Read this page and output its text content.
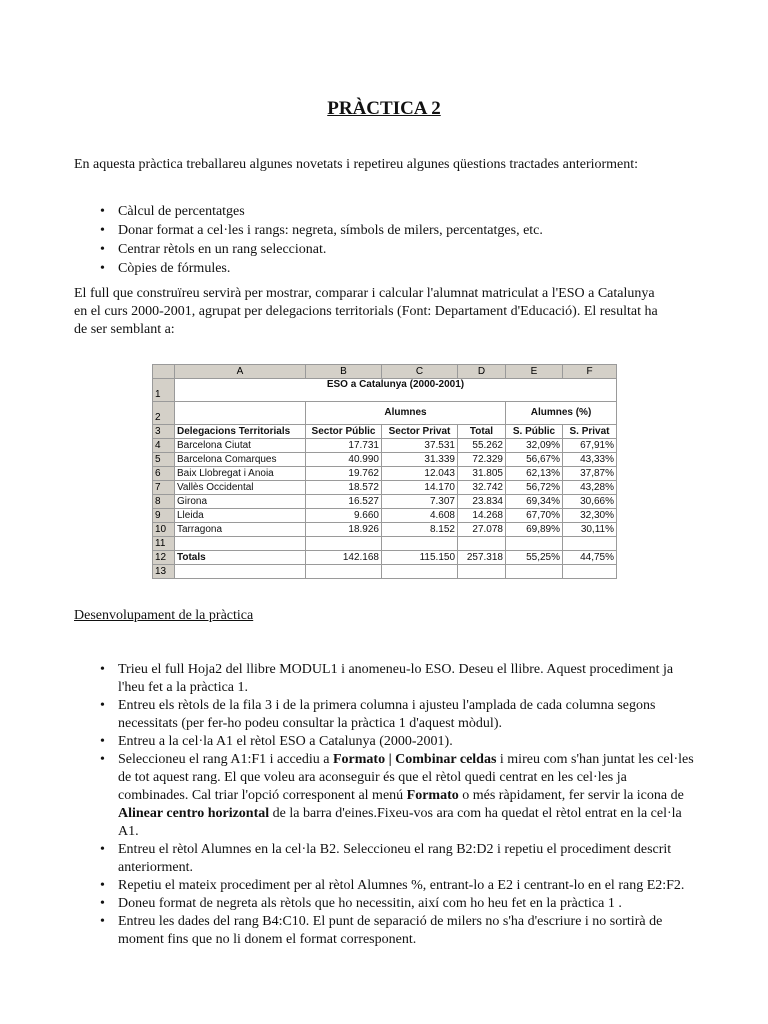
PRÀCTICA 2

En aquesta pràctica treballareu algunes novetats i repetireu algunes qüestions tractades anteriorment:

• Càlcul de percentatges
• Donar format a cel·les i rangs: negreta, símbols de milers, percentatges, etc.
• Centrar rètols en un rang seleccionat.
• Còpies de fórmules.

El full que construïreu servirà per mostrar, comparar i calcular l'alumnat matriculat a l'ESO a Catalunya en el curs 2000-2001, agrupat per delegacions territorials (Font: Departament d'Educació). El resultat ha de ser semblant a:

	A	B	C	D	E	F
1	ESO a Catalunya (2000-2001)					
2		Alumnes			Alumnes (%)	
3	Delegacions Territorials	Sector Públic	Sector Privat	Total	S. Públic	S. Privat
4	Barcelona Ciutat	17.731	37.531	55.262	32,09%	67,91%
5	Barcelona Comarques	40.990	31.339	72.329	56,67%	43,33%
6	Baix Llobregat i Anoia	19.762	12.043	31.805	62,13%	37,87%
7	Vallès Occidental	18.572	14.170	32.742	56,72%	43,28%
8	Girona	16.527	7.307	23.834	69,34%	30,66%
9	Lleida	9.660	4.608	14.268	67,70%	32,30%
10	Tarragona	18.926	8.152	27.078	69,89%	30,11%
11						
12	Totals	142.168	115.150	257.318	55,25%	44,75%
13						

Desenvolupament de la pràctica

• Trieu el full Hoja2 del llibre MODUL1 i anomeneu-lo ESO. Deseu el llibre. Aquest procediment ja l'heu fet a la pràctica 1.
• Entreu els rètols de la fila 3 i de la primera columna i ajusteu l'amplada de cada columna segons necessitats (per fer-ho podeu consultar la pràctica 1 d'aquest mòdul).
• Entreu a la cel·la A1 el rètol ESO a Catalunya (2000-2001).
• Seleccioneu el rang A1:F1 i accediu a Formato | Combinar celdas i mireu com s'han juntat les cel·les de tot aquest rang. El que voleu ara aconseguir és que el rètol quedi centrat en les cel·les ja combinades. Cal triar l'opció corresponent al menú Formato o més ràpidament, fer servir la icona de Alinear centro horizontal de la barra d'eines.Fixeu-vos ara com ha quedat el rètol entrat en la cel·la A1.
• Entreu el rètol Alumnes en la cel·la B2. Seleccioneu el rang B2:D2 i repetiu el procediment descrit anteriorment.
• Repetiu el mateix procediment per al rètol Alumnes %, entrant-lo a E2 i centrant-lo en el rang E2:F2.
• Doneu format de negreta als rètols que ho necessitin, així com ho heu fet en la pràctica 1 .
• Entreu les dades del rang B4:C10. El punt de separació de milers no s'ha d'escriure i no sortirà de moment fins que no li donem el format corresponent.
